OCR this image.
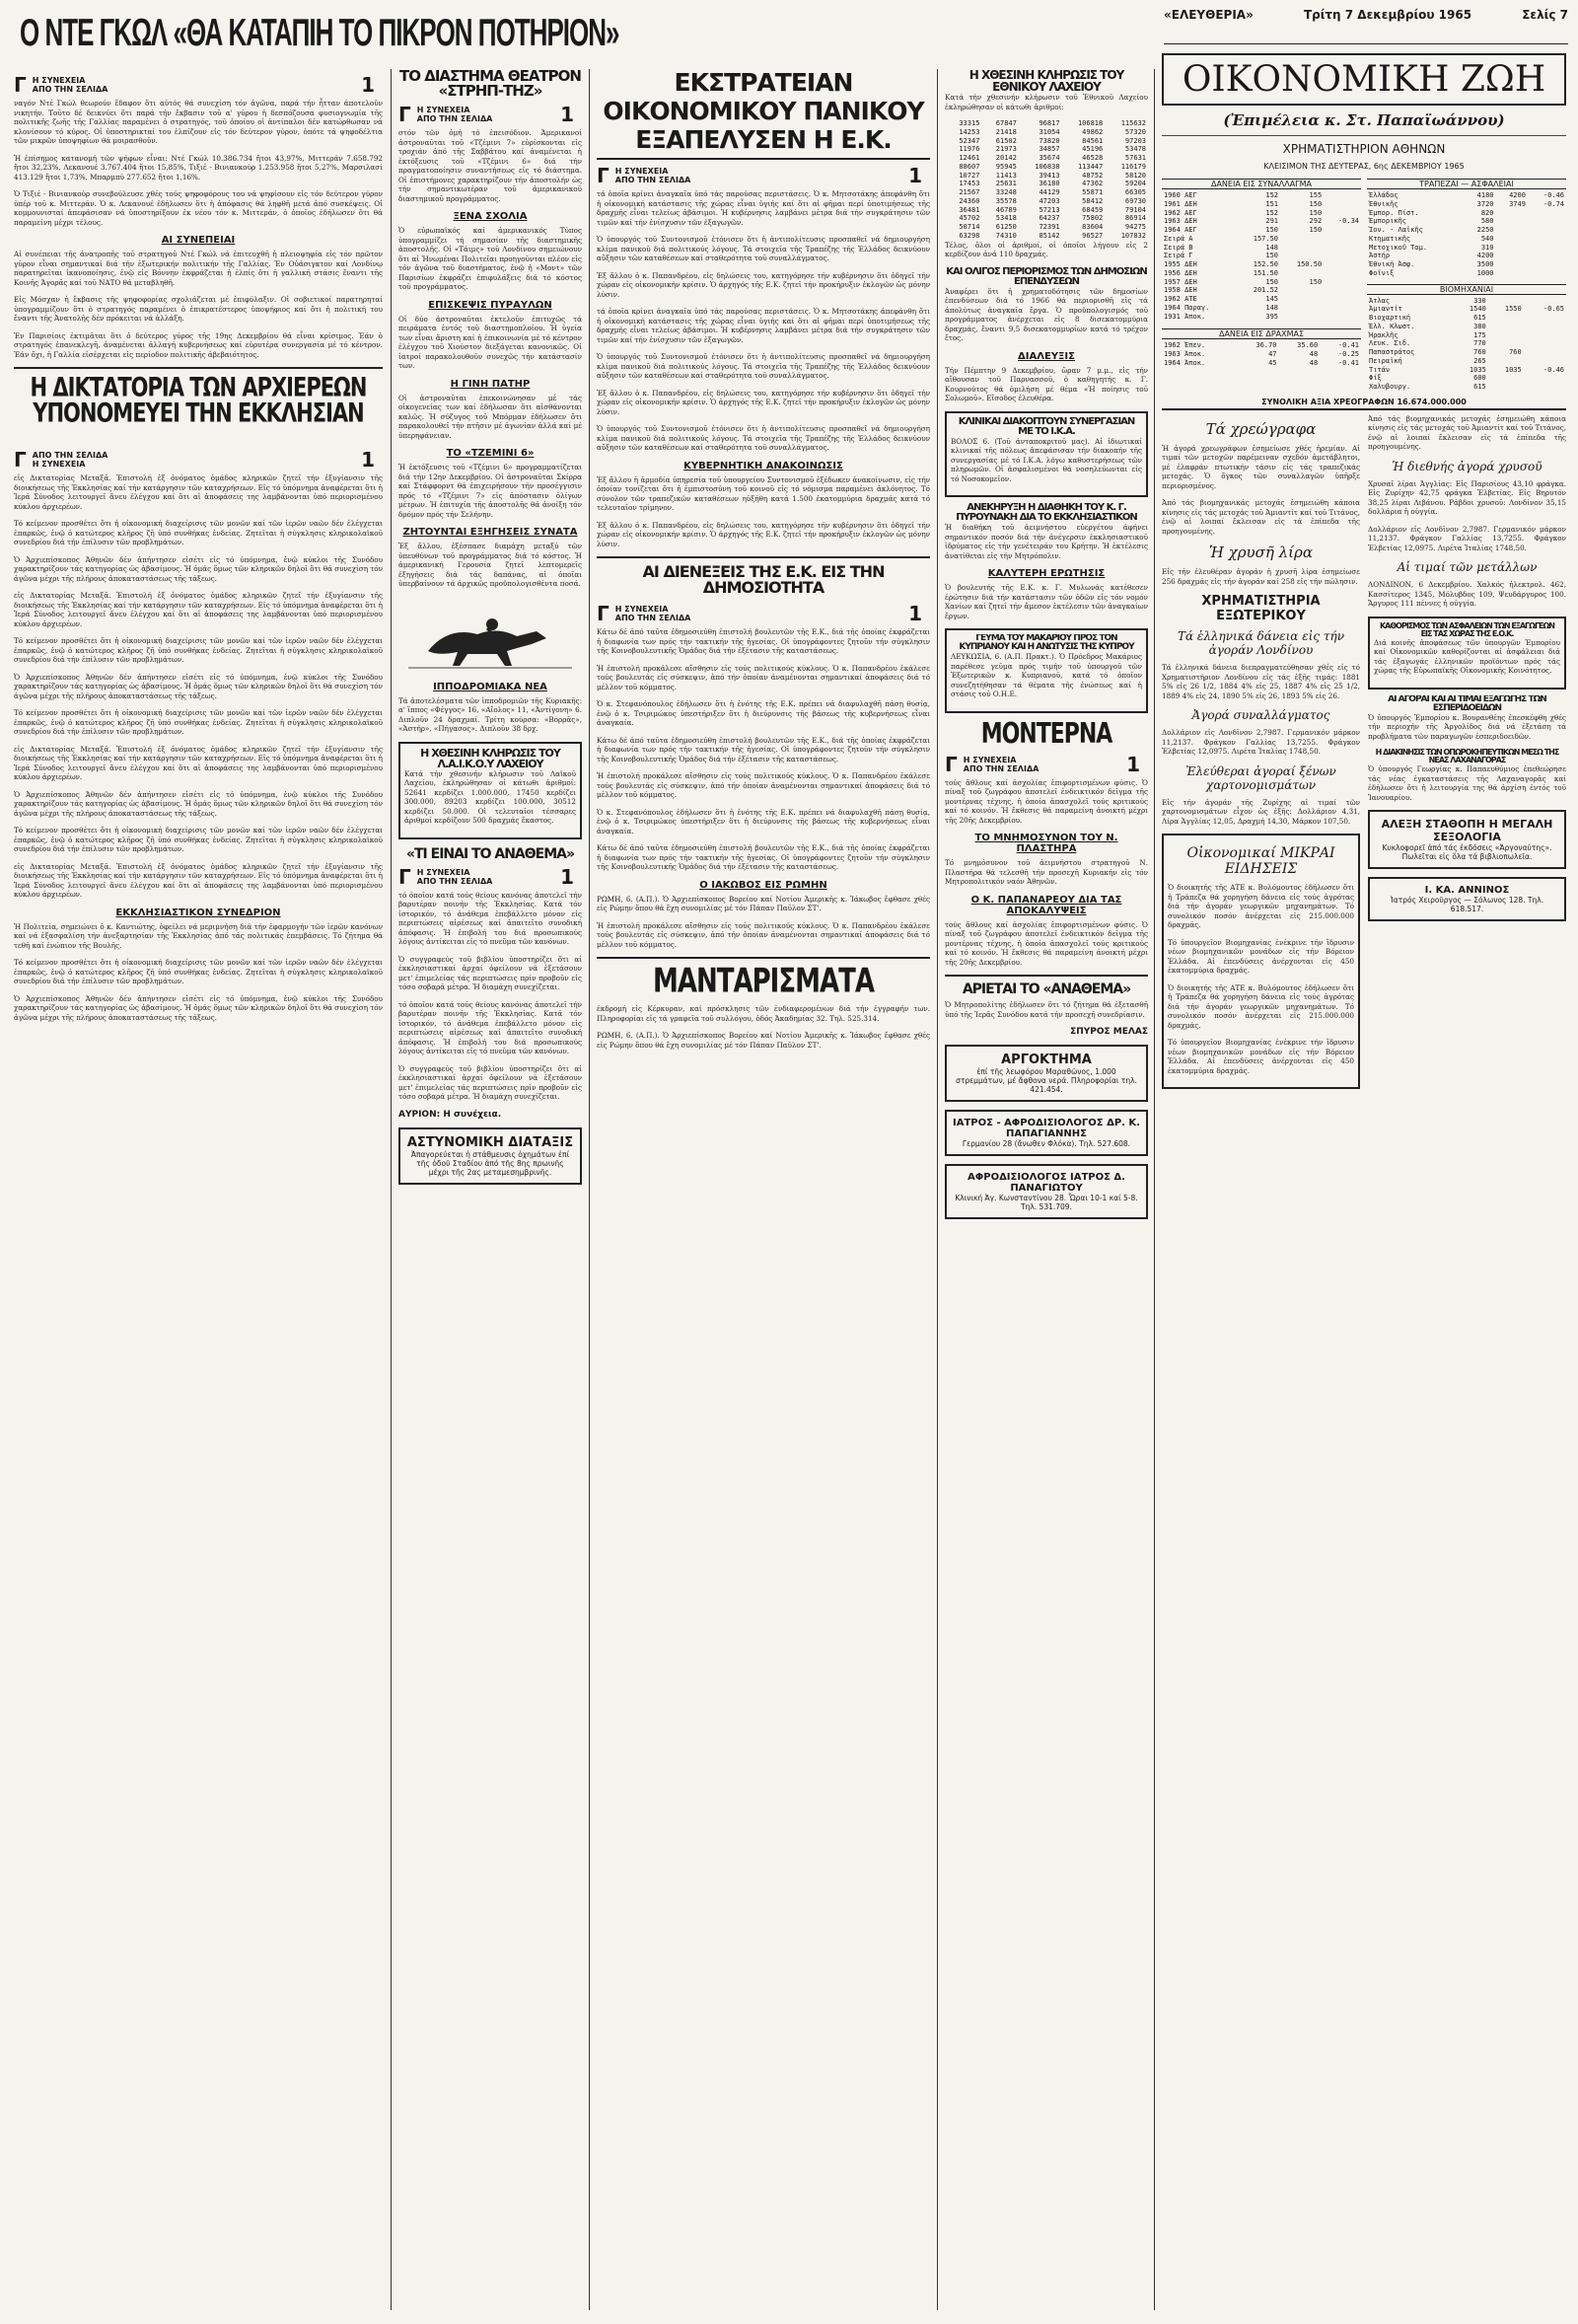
Ο ΝΤΕ ΓΚΩΛ «ΘΑ ΚΑΤΑΠΙΗ ΤΟ ΠΙΚΡΟΝ ΠΟΤΗΡΙΟΝ»	«ΕΛΕΥΘΕΡΙΑ»	Τρίτη 7 Δεκεμβρίου 1965	Σελίς 7
Γ Η ΣΥΝΕΧΕΙΑ
ΑΠΟ ΤΗΝ ΣΕΛΙΔΑ	1

ναγόν Ντέ Γκώλ θεωρούν ἔδαφον ὅτι αὐτός θά συνεχίση τόν ἀγῶνα, παρά τήν ἧτταν ἀποτελοῦν νικητήν. Τοῦτο δέ δεικνύει ὅτι παρά τήν ἔκβασιν τοῦ α' γύρου ἡ δεσπόζουσα φυσιογνωμία τῆς πολιτικῆς ζωῆς τῆς Γαλλίας παραμένει ὁ στρατηγός, τοῦ ὁποίου οἱ ἀντίπαλοι δέν κατώρθωσαν νά κλονίσουν τό κύρος. Οἱ ὑποστηρικταί του ἐλπίζουν εἰς τόν δεύτερον γύρον, ὁπότε τά ψηφοδέλτια τῶν μικρῶν ὑποψηφίων θά μοιρασθοῦν.

Ἡ ἐπίσημος κατανομή τῶν ψήφων εἶναι: Ντέ Γκώλ 10.386.734 ἤτοι 43,97%, Μιττεράν 7.658.792 ἤτοι 32,23%, Λεκανουέ 3.767.404 ἤτοι 15,85%, Τιξιέ - Βινιανκούρ 1.253.958 ἤτοι 5,27%, Μαρσιλασί 413.129 ἤτοι 1,73%, Μπαρμπύ 277.652 ἤτοι 1,16%.

Ὁ Τιξιέ - Βινιανκούρ συνεβούλευσε χθές τούς ψηφοφόρους του νά ψηφίσουν εἰς τόν δεύτερον γύρον ὑπέρ τοῦ κ. Μιττεράν. Ὁ κ. Λεκανουέ ἐδήλωσεν ὅτι ἡ ἀπόφασις θά ληφθῆ μετά ἀπό συσκέψεις. Οἱ κομμουνισταί ἀπεφάσισαν νά ὑποστηρίξουν ἐκ νέου τόν κ. Μιττεράν, ὁ ὁποῖος ἐδήλωσεν ὅτι θά παραμείνη μέχρι τέλους.

ΑΙ ΣΥΝΕΠΕΙΑΙ

Αἱ συνέπειαι τῆς ἀνατροπῆς τοῦ στρατηγοῦ Ντέ Γκώλ νά ἐπιτευχθῆ ἡ πλειοψηφία εἰς τόν πρῶτον γύρον εἶναι σημαντικαί διά τήν ἐξωτερικήν πολιτικήν τῆς Γαλλίας. Ἐν Οὐάσιγκτον καί Λονδίνῳ παρατηρεῖται ἱκανοποίησις, ἐνῷ εἰς Βόννην ἐκφράζεται ἡ ἐλπίς ὅτι ἡ γαλλική στάσις ἔναντι τῆς Κοινῆς Ἀγορᾶς καί τοῦ ΝΑΤΟ θά μεταβληθῆ.

Εἰς Μόσχαν ἡ ἔκβασις τῆς ψηφοφορίας σχολιάζεται μέ ἐπιφύλαξιν. Οἱ σοβιετικοί παρατηρηταί ὑπογραμμίζουν ὅτι ὁ στρατηγός παραμένει ὁ ἐπικρατέστερος ὑποψήφιος καί ὅτι ἡ πολιτική του ἔναντι τῆς Ἀνατολῆς δέν πρόκειται νά ἀλλάξη.

Ἐν Παρισίοις ἐκτιμᾶται ὅτι ὁ δεύτερος γύρος τῆς 19ης Δεκεμβρίου θά εἶναι κρίσιμος. Ἐάν ὁ στρατηγός ἐπανεκλεγῆ, ἀναμένεται ἀλλαγή κυβερνήσεως καί εὐρυτέρα συνεργασία μέ τό κέντρον. Ἐάν ὄχι, ἡ Γαλλία εἰσέρχεται εἰς περίοδον πολιτικῆς ἀβεβαιότητος.

Η ΔΙΚΤΑΤΟΡΙΑ ΤΩΝ ΑΡΧΙΕΡΕΩΝ ΥΠΟΝΟΜΕΥΕΙ ΤΗΝ ΕΚΚΛΗΣΙΑΝ
Γ ΑΠΟ ΤΗΝ ΣΕΛΙΔΑ
Η ΣΥΝΕΧΕΙΑ	1

εἰς Δικτατορίας Μεταξᾶ. Ἐπιστολή ἐξ ὀνόματος ὁμάδος κληρικῶν ζητεῖ τήν ἐξυγίανσιν τῆς διοικήσεως τῆς Ἐκκλησίας καί τήν κατάργησιν τῶν καταχρήσεων. Εἰς τό ὑπόμνημα ἀναφέρεται ὅτι ἡ Ἱερά Σύνοδος λειτουργεῖ ἄνευ ἐλέγχου καί ὅτι αἱ ἀποφάσεις της λαμβάνονται ὑπό περιορισμένου κύκλου ἀρχιερέων.

Τό κείμενον προσθέτει ὅτι ἡ οἰκονομική διαχείρισις τῶν μονῶν καί τῶν ἱερῶν ναῶν δέν ἐλέγχεται ἐπαρκῶς, ἐνῷ ὁ κατώτερος κλῆρος ζῆ ὑπό συνθήκας ἐνδείας. Ζητεῖται ἡ σύγκλησις κληρικολαϊκοῦ συνεδρίου διά τήν ἐπίλυσιν τῶν προβλημάτων.

Ὁ Ἀρχιεπίσκοπος Ἀθηνῶν δέν ἀπήντησεν εἰσέτι εἰς τό ὑπόμνημα, ἐνῷ κύκλοι τῆς Συνόδου χαρακτηρίζουν τάς κατηγορίας ὡς ἀβασίμους. Ἡ ὁμάς ὅμως τῶν κληρικῶν δηλοῖ ὅτι θά συνεχίση τόν ἀγῶνα μέχρι τῆς πλήρους ἀποκαταστάσεως τῆς τάξεως.

εἰς Δικτατορίας Μεταξᾶ. Ἐπιστολή ἐξ ὀνόματος ὁμάδος κληρικῶν ζητεῖ τήν ἐξυγίανσιν τῆς διοικήσεως τῆς Ἐκκλησίας καί τήν κατάργησιν τῶν καταχρήσεων. Εἰς τό ὑπόμνημα ἀναφέρεται ὅτι ἡ Ἱερά Σύνοδος λειτουργεῖ ἄνευ ἐλέγχου καί ὅτι αἱ ἀποφάσεις της λαμβάνονται ὑπό περιορισμένου κύκλου ἀρχιερέων.

Τό κείμενον προσθέτει ὅτι ἡ οἰκονομική διαχείρισις τῶν μονῶν καί τῶν ἱερῶν ναῶν δέν ἐλέγχεται ἐπαρκῶς, ἐνῷ ὁ κατώτερος κλῆρος ζῆ ὑπό συνθήκας ἐνδείας. Ζητεῖται ἡ σύγκλησις κληρικολαϊκοῦ συνεδρίου διά τήν ἐπίλυσιν τῶν προβλημάτων.

Ὁ Ἀρχιεπίσκοπος Ἀθηνῶν δέν ἀπήντησεν εἰσέτι εἰς τό ὑπόμνημα, ἐνῷ κύκλοι τῆς Συνόδου χαρακτηρίζουν τάς κατηγορίας ὡς ἀβασίμους. Ἡ ὁμάς ὅμως τῶν κληρικῶν δηλοῖ ὅτι θά συνεχίση τόν ἀγῶνα μέχρι τῆς πλήρους ἀποκαταστάσεως τῆς τάξεως.

Τό κείμενον προσθέτει ὅτι ἡ οἰκονομική διαχείρισις τῶν μονῶν καί τῶν ἱερῶν ναῶν δέν ἐλέγχεται ἐπαρκῶς, ἐνῷ ὁ κατώτερος κλῆρος ζῆ ὑπό συνθήκας ἐνδείας. Ζητεῖται ἡ σύγκλησις κληρικολαϊκοῦ συνεδρίου διά τήν ἐπίλυσιν τῶν προβλημάτων.

εἰς Δικτατορίας Μεταξᾶ. Ἐπιστολή ἐξ ὀνόματος ὁμάδος κληρικῶν ζητεῖ τήν ἐξυγίανσιν τῆς διοικήσεως τῆς Ἐκκλησίας καί τήν κατάργησιν τῶν καταχρήσεων. Εἰς τό ὑπόμνημα ἀναφέρεται ὅτι ἡ Ἱερά Σύνοδος λειτουργεῖ ἄνευ ἐλέγχου καί ὅτι αἱ ἀποφάσεις της λαμβάνονται ὑπό περιορισμένου κύκλου ἀρχιερέων.

Ὁ Ἀρχιεπίσκοπος Ἀθηνῶν δέν ἀπήντησεν εἰσέτι εἰς τό ὑπόμνημα, ἐνῷ κύκλοι τῆς Συνόδου χαρακτηρίζουν τάς κατηγορίας ὡς ἀβασίμους. Ἡ ὁμάς ὅμως τῶν κληρικῶν δηλοῖ ὅτι θά συνεχίση τόν ἀγῶνα μέχρι τῆς πλήρους ἀποκαταστάσεως τῆς τάξεως.

Τό κείμενον προσθέτει ὅτι ἡ οἰκονομική διαχείρισις τῶν μονῶν καί τῶν ἱερῶν ναῶν δέν ἐλέγχεται ἐπαρκῶς, ἐνῷ ὁ κατώτερος κλῆρος ζῆ ὑπό συνθήκας ἐνδείας. Ζητεῖται ἡ σύγκλησις κληρικολαϊκοῦ συνεδρίου διά τήν ἐπίλυσιν τῶν προβλημάτων.

εἰς Δικτατορίας Μεταξᾶ. Ἐπιστολή ἐξ ὀνόματος ὁμάδος κληρικῶν ζητεῖ τήν ἐξυγίανσιν τῆς διοικήσεως τῆς Ἐκκλησίας καί τήν κατάργησιν τῶν καταχρήσεων. Εἰς τό ὑπόμνημα ἀναφέρεται ὅτι ἡ Ἱερά Σύνοδος λειτουργεῖ ἄνευ ἐλέγχου καί ὅτι αἱ ἀποφάσεις της λαμβάνονται ὑπό περιορισμένου κύκλου ἀρχιερέων.

ΕΚΚΛΗΣΙΑΣΤΙΚΟΝ ΣΥΝΕΔΡΙΟΝ

Ἡ Πολιτεία, σημειώνει ὁ κ. Καντιώτης, ὀφείλει νά μεριμνήση διά τήν ἐφαρμογήν τῶν ἱερῶν κανόνων καί νά ἐξασφαλίση τήν ἀνεξαρτησίαν τῆς Ἐκκλησίας ἀπό τάς πολιτικάς ἐπεμβάσεις. Τό ζήτημα θά τεθῆ καί ἐνώπιον τῆς Βουλῆς.

Τό κείμενον προσθέτει ὅτι ἡ οἰκονομική διαχείρισις τῶν μονῶν καί τῶν ἱερῶν ναῶν δέν ἐλέγχεται ἐπαρκῶς, ἐνῷ ὁ κατώτερος κλῆρος ζῆ ὑπό συνθήκας ἐνδείας. Ζητεῖται ἡ σύγκλησις κληρικολαϊκοῦ συνεδρίου διά τήν ἐπίλυσιν τῶν προβλημάτων.

Ὁ Ἀρχιεπίσκοπος Ἀθηνῶν δέν ἀπήντησεν εἰσέτι εἰς τό ὑπόμνημα, ἐνῷ κύκλοι τῆς Συνόδου χαρακτηρίζουν τάς κατηγορίας ὡς ἀβασίμους. Ἡ ὁμάς ὅμως τῶν κληρικῶν δηλοῖ ὅτι θά συνεχίση τόν ἀγῶνα μέχρι τῆς πλήρους ἀποκαταστάσεως τῆς τάξεως.

ΤΟ ΔΙΑΣΤΗΜΑ ΘΕΑΤΡΟΝ «ΣΤΡΗΠ-ΤΗΖ»
Γ Η ΣΥΝΕΧΕΙΑ
ΑΠΟ ΤΗΝ ΣΕΛΙΔΑ	1

στόν τῶν ὁμή τό ἐπεισόδιον. Ἀμερικανοί ἀστροναῦται τοῦ «Τζέμινι 7» εὑρίσκονται εἰς τροχιάν ἀπό τῆς Σαββάτου καί ἀναμένεται ἡ ἐκτόξευσις τοῦ «Τζέμινι 6» διά τήν πραγματοποίησιν συναντήσεως εἰς τό διάστημα. Οἱ ἐπιστήμονες χαρακτηρίζουν τήν ἀποστολήν ὡς τήν σημαντικωτέραν τοῦ ἀμερικανικοῦ διαστημικοῦ προγράμματος.

ΞΕΝΑ ΣΧΟΛΙΑ

Ὁ εὐρωπαϊκός καί ἀμερικανικός Τύπος ὑπογραμμίζει τή σημασίαν τῆς διαστημικῆς ἀποστολῆς. Οἱ «Τάιμς» τοῦ Λονδίνου σημειώνουν ὅτι αἱ Ἡνωμέναι Πολιτεῖαι προηγοῦνται πλέον εἰς τόν ἀγῶνα τοῦ διαστήματος, ἐνῷ ἡ «Μοντ» τῶν Παρισίων ἐκφράζει ἐπιφυλάξεις διά τό κόστος τοῦ προγράμματος.

ΕΠΙΣΚΕΨΙΣ ΠΥΡΑΥΛΩΝ

Οἱ δύο ἀστροναῦται ἐκτελοῦν ἐπιτυχῶς τά πειράματα ἐντός τοῦ διαστημοπλοίου. Ἡ ὑγεία των εἶναι ἄριστη καί ἡ ἐπικοινωνία μέ τό κέντρον ἐλέγχου τοῦ Χιούστον διεξάγεται κανονικῶς. Οἱ ἰατροί παρακολουθοῦν συνεχῶς τήν κατάστασίν των.

Η ΓΙΝΗ ΠΑΤΗΡ

Οἱ ἀστροναῦται ἐπεκοινώνησαν μέ τάς οἰκογενείας των καί ἐδήλωσαν ὅτι αἰσθάνονται καλῶς. Ἡ σύζυγος τοῦ Μπόρμαν ἐδήλωσεν ὅτι παρακολουθεῖ τήν πτῆσιν μέ ἀγωνίαν ἀλλά καί μέ ὑπερηφάνειαν.

ΤΟ «ΤΖΕΜΙΝΙ 6»

Ἡ ἐκτόξευσις τοῦ «Τζέμινι 6» προγραμματίζεται διά τήν 12ην Δεκεμβρίου. Οἱ ἀστροναῦται Σκίρρα καί Στάφφορντ θά ἐπιχειρήσουν τήν προσέγγισιν πρός τό «Τζέμινι 7» εἰς ἀπόστασιν ὀλίγων μέτρων. Ἡ ἐπιτυχία τῆς ἀποστολῆς θά ἀνοίξη τόν δρόμον πρός τήν Σελήνην.

ΖΗΤΟΥΝΤΑΙ ΕΞΗΓΗΣΕΙΣ ΣΥΝΑΤΑ

Ἐξ ἄλλου, ἐξέσπασε διαμάχη μεταξύ τῶν ὑπευθύνων τοῦ προγράμματος διά τό κόστος. Ἡ ἀμερικανική Γερουσία ζητεῖ λεπτομερεῖς ἐξηγήσεις διά τάς δαπάνας, αἱ ὁποῖαι ὑπερβαίνουν τά ἀρχικῶς προϋπολογισθέντα ποσά.

ΙΠΠΟΔΡΟΜΙΑΚΑ ΝΕΑ

Τά ἀποτελέσματα τῶν ἱπποδρομιῶν τῆς Κυριακῆς: α' ἵππος «Φέγγος» 16, «Αἴολος» 11, «Ἀντίγονη» 6. Διπλοῦν 24 δραχμαί. Τρίτη κούρσα: «Βορρᾶς», «Ἀστήρ», «Πήγασος». Διπλοῦν 38 δρχ.

Η ΧΘΕΣΙΝΗ ΚΛΗΡΩΣΙΣ ΤΟΥ Λ.Α.Ι.Κ.Ο.Υ ΛΑΧΕΙΟΥ

Κατά τήν χθεσινήν κλήρωσιν τοῦ Λαϊκοῦ Λαχείου, ἐκληρώθησαν οἱ κάτωθι ἀριθμοί: 52641 κερδίζει 1.000.000, 17450 κερδίζει 300.000, 89203 κερδίζει 100.000, 30512 κερδίζει 50.000. Οἱ τελευταῖοι τέσσαρες ἀριθμοί κερδίζουν 500 δραχμάς ἕκαστος.

«ΤΙ ΕΙΝΑΙ ΤΟ ΑΝΑΘΕΜΑ»
Γ Η ΣΥΝΕΧΕΙΑ
ΑΠΟ ΤΗΝ ΣΕΛΙΔΑ	1

τό ὁποῖον κατά τούς θείους κανόνας ἀποτελεῖ τήν βαρυτέραν ποινήν τῆς Ἐκκλησίας. Κατά τόν ἱστορικόν, τό ἀνάθεμα ἐπεβάλλετο μόνον εἰς περιπτώσεις αἱρέσεως καί ἀπαιτεῖτο συνοδική ἀπόφασις. Ἡ ἐπιβολή του διά προσωπικούς λόγους ἀντίκειται εἰς τό πνεῦμα τῶν κανόνων.

Ὁ συγγραφεύς τοῦ βιβλίου ὑποστηρίζει ὅτι αἱ ἐκκλησιαστικαί ἀρχαί ὀφείλουν νά ἐξετάσουν μετ' ἐπιμελείας τάς περιπτώσεις πρίν προβοῦν εἰς τόσο σοβαρά μέτρα. Ἡ διαμάχη συνεχίζεται.

τό ὁποῖον κατά τούς θείους κανόνας ἀποτελεῖ τήν βαρυτέραν ποινήν τῆς Ἐκκλησίας. Κατά τόν ἱστορικόν, τό ἀνάθεμα ἐπεβάλλετο μόνον εἰς περιπτώσεις αἱρέσεως καί ἀπαιτεῖτο συνοδική ἀπόφασις. Ἡ ἐπιβολή του διά προσωπικούς λόγους ἀντίκειται εἰς τό πνεῦμα τῶν κανόνων.

Ὁ συγγραφεύς τοῦ βιβλίου ὑποστηρίζει ὅτι αἱ ἐκκλησιαστικαί ἀρχαί ὀφείλουν νά ἐξετάσουν μετ' ἐπιμελείας τάς περιπτώσεις πρίν προβοῦν εἰς τόσο σοβαρά μέτρα. Ἡ διαμάχη συνεχίζεται.

ΑΥΡΙΟΝ: Η συνέχεια.
ΑΣΤΥΝΟΜΙΚΗ ΔΙΑΤΑΞΙΣ
Ἀπαγορεύεται ἡ στάθμευσις ὀχημάτων ἐπί τῆς ὁδοῦ Σταδίου ἀπό τῆς 8ης πρωινῆς μέχρι τῆς 2ας μεταμεσημβρινῆς.
ΕΚΣΤΡΑΤΕΙΑΝ ΟΙΚΟΝΟΜΙΚΟΥ ΠΑΝΙΚΟΥ ΕΞΑΠΕΛΥΣΕΝ Η Ε.Κ.
Γ Η ΣΥΝΕΧΕΙΑ
ΑΠΟ ΤΗΝ ΣΕΛΙΔΑ	1

τά ὁποῖα κρίνει ἀναγκαῖα ὑπό τάς παρούσας περιστάσεις. Ὁ κ. Μητσοτάκης ἀπεφάνθη ὅτι ἡ οἰκονομική κατάστασις τῆς χώρας εἶναι ὑγιής καί ὅτι αἱ φῆμαι περί ὑποτιμήσεως τῆς δραχμῆς εἶναι τελείως ἀβάσιμοι. Ἡ κυβέρνησις λαμβάνει μέτρα διά τήν συγκράτησιν τῶν τιμῶν καί τήν ἐνίσχυσιν τῶν ἐξαγωγῶν.

Ὁ ὑπουργός τοῦ Συντονισμοῦ ἐτόνισεν ὅτι ἡ ἀντιπολίτευσις προσπαθεῖ νά δημιουργήση κλίμα πανικοῦ διά πολιτικούς λόγους. Τά στοιχεῖα τῆς Τραπέζης τῆς Ἑλλάδος δεικνύουν αὔξησιν τῶν καταθέσεων καί σταθερότητα τοῦ συναλλάγματος.

Ἐξ ἄλλου ὁ κ. Παπανδρέου, εἰς δηλώσεις του, κατηγόρησε τήν κυβέρνησιν ὅτι ὁδηγεῖ τήν χώραν εἰς οἰκονομικήν κρίσιν. Ὁ ἀρχηγός τῆς Ε.Κ. ζητεῖ τήν προκήρυξιν ἐκλογῶν ὡς μόνην λύσιν.

τά ὁποῖα κρίνει ἀναγκαῖα ὑπό τάς παρούσας περιστάσεις. Ὁ κ. Μητσοτάκης ἀπεφάνθη ὅτι ἡ οἰκονομική κατάστασις τῆς χώρας εἶναι ὑγιής καί ὅτι αἱ φῆμαι περί ὑποτιμήσεως τῆς δραχμῆς εἶναι τελείως ἀβάσιμοι. Ἡ κυβέρνησις λαμβάνει μέτρα διά τήν συγκράτησιν τῶν τιμῶν καί τήν ἐνίσχυσιν τῶν ἐξαγωγῶν.

Ὁ ὑπουργός τοῦ Συντονισμοῦ ἐτόνισεν ὅτι ἡ ἀντιπολίτευσις προσπαθεῖ νά δημιουργήση κλίμα πανικοῦ διά πολιτικούς λόγους. Τά στοιχεῖα τῆς Τραπέζης τῆς Ἑλλάδος δεικνύουν αὔξησιν τῶν καταθέσεων καί σταθερότητα τοῦ συναλλάγματος.

Ἐξ ἄλλου ὁ κ. Παπανδρέου, εἰς δηλώσεις του, κατηγόρησε τήν κυβέρνησιν ὅτι ὁδηγεῖ τήν χώραν εἰς οἰκονομικήν κρίσιν. Ὁ ἀρχηγός τῆς Ε.Κ. ζητεῖ τήν προκήρυξιν ἐκλογῶν ὡς μόνην λύσιν.

Ὁ ὑπουργός τοῦ Συντονισμοῦ ἐτόνισεν ὅτι ἡ ἀντιπολίτευσις προσπαθεῖ νά δημιουργήση κλίμα πανικοῦ διά πολιτικούς λόγους. Τά στοιχεῖα τῆς Τραπέζης τῆς Ἑλλάδος δεικνύουν αὔξησιν τῶν καταθέσεων καί σταθερότητα τοῦ συναλλάγματος.

ΚΥΒΕΡΝΗΤΙΚΗ ΑΝΑΚΟΙΝΩΣΙΣ

Ἐξ ἄλλου ἡ ἀρμοδία ὑπηρεσία τοῦ ὑπουργείου Συντονισμοῦ ἐξέδωκεν ἀνακοίνωσιν, εἰς τήν ὁποίαν τονίζεται ὅτι ἡ ἐμπιστοσύνη τοῦ κοινοῦ εἰς τό νόμισμα παραμένει ἀκλόνητος. Τό σύνολον τῶν τραπεζικῶν καταθέσεων ηὐξήθη κατά 1.500 ἑκατομμύρια δραχμάς κατά τό τελευταῖον τρίμηνον.

Ἐξ ἄλλου ὁ κ. Παπανδρέου, εἰς δηλώσεις του, κατηγόρησε τήν κυβέρνησιν ὅτι ὁδηγεῖ τήν χώραν εἰς οἰκονομικήν κρίσιν. Ὁ ἀρχηγός τῆς Ε.Κ. ζητεῖ τήν προκήρυξιν ἐκλογῶν ὡς μόνην λύσιν.

ΑΙ ΔΙΕΝΕΞΕΙΣ ΤΗΣ Ε.Κ. ΕΙΣ ΤΗΝ ΔΗΜΟΣΙΟΤΗΤΑ
Γ Η ΣΥΝΕΧΕΙΑ
ΑΠΟ ΤΗΝ ΣΕΛΙΔΑ	1

Κάτω δέ ἀπό ταῦτα ἐδημοσιεύθη ἐπιστολή βουλευτῶν τῆς Ε.Κ., διά τῆς ὁποίας ἐκφράζεται ἡ διαφωνία των πρός τήν τακτικήν τῆς ἡγεσίας. Οἱ ὑπογράφοντες ζητοῦν τήν σύγκλησιν τῆς Κοινοβουλευτικῆς Ὁμάδος διά τήν ἐξέτασιν τῆς καταστάσεως.

Ἡ ἐπιστολή προκάλεσε αἴσθησιν εἰς τούς πολιτικούς κύκλους. Ὁ κ. Παπανδρέου ἐκάλεσε τούς βουλευτάς εἰς σύσκεψιν, ἀπό τήν ὁποίαν ἀναμένονται σημαντικαί ἀποφάσεις διά τό μέλλον τοῦ κόμματος.

Ὁ κ. Στεφανόπουλος ἐδήλωσεν ὅτι ἡ ἑνότης τῆς Ε.Κ. πρέπει νά διαφυλαχθῆ πάσῃ θυσίᾳ, ἐνῷ ὁ κ. Τσιριμώκος ὑπεστήριξεν ὅτι ἡ διεύρυνσις τῆς βάσεως τῆς κυβερνήσεως εἶναι ἀναγκαία.

Κάτω δέ ἀπό ταῦτα ἐδημοσιεύθη ἐπιστολή βουλευτῶν τῆς Ε.Κ., διά τῆς ὁποίας ἐκφράζεται ἡ διαφωνία των πρός τήν τακτικήν τῆς ἡγεσίας. Οἱ ὑπογράφοντες ζητοῦν τήν σύγκλησιν τῆς Κοινοβουλευτικῆς Ὁμάδος διά τήν ἐξέτασιν τῆς καταστάσεως.

Ἡ ἐπιστολή προκάλεσε αἴσθησιν εἰς τούς πολιτικούς κύκλους. Ὁ κ. Παπανδρέου ἐκάλεσε τούς βουλευτάς εἰς σύσκεψιν, ἀπό τήν ὁποίαν ἀναμένονται σημαντικαί ἀποφάσεις διά τό μέλλον τοῦ κόμματος.

Ὁ κ. Στεφανόπουλος ἐδήλωσεν ὅτι ἡ ἑνότης τῆς Ε.Κ. πρέπει νά διαφυλαχθῆ πάσῃ θυσίᾳ, ἐνῷ ὁ κ. Τσιριμώκος ὑπεστήριξεν ὅτι ἡ διεύρυνσις τῆς βάσεως τῆς κυβερνήσεως εἶναι ἀναγκαία.

Κάτω δέ ἀπό ταῦτα ἐδημοσιεύθη ἐπιστολή βουλευτῶν τῆς Ε.Κ., διά τῆς ὁποίας ἐκφράζεται ἡ διαφωνία των πρός τήν τακτικήν τῆς ἡγεσίας. Οἱ ὑπογράφοντες ζητοῦν τήν σύγκλησιν τῆς Κοινοβουλευτικῆς Ὁμάδος διά τήν ἐξέτασιν τῆς καταστάσεως.

Ο ΙΑΚΩΒΟΣ ΕΙΣ ΡΩΜΗΝ

ΡΩΜΗ, 6. (Α.Π.). Ὁ Ἀρχιεπίσκοπος Βορείου καί Νοτίου Ἀμερικῆς κ. Ἰάκωβος ἔφθασε χθές εἰς Ρώμην ὅπου θά ἔχη συνομιλίας μέ τόν Πάπαν Παῦλον ΣΤ'.

Ἡ ἐπιστολή προκάλεσε αἴσθησιν εἰς τούς πολιτικούς κύκλους. Ὁ κ. Παπανδρέου ἐκάλεσε τούς βουλευτάς εἰς σύσκεψιν, ἀπό τήν ὁποίαν ἀναμένονται σημαντικαί ἀποφάσεις διά τό μέλλον τοῦ κόμματος.

ΜΑΝΤΑΡΙΣΜΑΤΑ

ἐκδρομή εἰς Κέρκυραν, καί πρόσκλησις τῶν ἐνδιαφερομένων διά τήν ἐγγραφήν των. Πληροφορίαι εἰς τά γραφεῖα τοῦ συλλόγου, ὁδός Ἀκαδημίας 32. Τηλ. 525.314.

ΡΩΜΗ, 6. (Α.Π.). Ὁ Ἀρχιεπίσκοπος Βορείου καί Νοτίου Ἀμερικῆς κ. Ἰάκωβος ἔφθασε χθές εἰς Ρώμην ὅπου θά ἔχη συνομιλίας μέ τόν Πάπαν Παῦλον ΣΤ'.

Η ΧΘΕΣΙΝΗ ΚΛΗΡΩΣΙΣ ΤΟΥ ΕΘΝΙΚΟΥ ΛΑΧΕΙΟΥ

Κατά τήν χθεσινήν κλήρωσιν τοῦ Ἐθνικοῦ Λαχείου ἐκληρώθησαν οἱ κάτωθι ἀριθμοί:

33315	67847	96817	106818	115632
14253	21418	31054	49862	57320
52347	61502	73820	84561	97203
11976	21973	34857	45196	53478
12461	20142	35674	46528	57631
88607	95945	106838	113447	116179
10727	11413	39413	48752	58120
17453	25631	36180	47362	59204
21567	33248	44129	55871	66305
24360	35578	47203	58412	69730
36481	46789	57213	68459	79104
45702	53418	64237	75802	86914
50714	61250	72391	83604	94275
63298	74310	85142	96527	107832

Τέλος, ὅλοι οἱ ἀριθμοί, οἱ ὁποῖοι λήγουν εἰς 2 κερδίζουν ἀνά 110 δραχμάς.

ΚΑΙ ΟΛΙΓΟΣ ΠΕΡΙΟΡΙΣΜΟΣ ΤΩΝ ΔΗΜΟΣΙΩΝ ΕΠΕΝΔΥΣΕΩΝ

Ἀναφέρει ὅτι ἡ χρηματοδότησις τῶν δημοσίων ἐπενδύσεων διά τό 1966 θά περιορισθῆ εἰς τά ἀπολύτως ἀναγκαῖα ἔργα. Ὁ προϋπολογισμός τοῦ προγράμματος ἀνέρχεται εἰς 8 δισεκατομμύρια δραχμάς, ἔναντι 9,5 δισεκατομμυρίων κατά τό τρέχον ἔτος.

ΔΙΑΛΕΥΞΙΣ

Τήν Πέμπτην 9 Δεκεμβρίου, ὥραν 7 μ.μ., εἰς τήν αἴθουσαν τοῦ Παρνασσοῦ, ὁ καθηγητής κ. Γ. Κουρνούτος θά ὁμιλήση μέ θέμα «Ἡ ποίησις τοῦ Σολωμοῦ». Εἴσοδος ἐλευθέρα.

ΚΛΙΝΙΚΑΙ ΔΙΑΚΟΠΤΟΥΝ ΣΥΝΕΡΓΑΣΙΑΝ ΜΕ ΤΟ Ι.Κ.Α.

ΒΟΛΟΣ 6. (Τοῦ ἀνταποκριτοῦ μας). Αἱ ἰδιωτικαί κλινικαί τῆς πόλεως ἀπεφάσισαν τήν διακοπήν τῆς συνεργασίας μέ τό Ι.Κ.Α. λόγω καθυστερήσεως τῶν πληρωμῶν. Οἱ ἀσφαλισμένοι θά νοσηλεύωνται εἰς τό Νοσοκομεῖον.

ΑΝΕΚΗΡΥΞΗ Η ΔΙΑΘΗΚΗ ΤΟΥ Κ. Γ. ΠΥΡΟΥΝΑΚΗ ΔΙΑ ΤΟ ΕΚΚΛΗΣΙΑΣΤΙΚΟΝ

Ἡ διαθήκη τοῦ ἀειμνήστου εὐεργέτου ἀφήνει σημαντικόν ποσόν διά τήν ἀνέγερσιν ἐκκλησιαστικοῦ ἱδρύματος εἰς τήν γενέτειράν του Κρήτην. Ἡ ἐκτέλεσις ἀνατίθεται εἰς τήν Μητρόπολιν.

ΚΑΛΥΤΕΡΗ ΕΡΩΤΗΣΙΣ

Ὁ βουλευτής τῆς Ε.Κ. κ. Γ. Μυλωνάς κατέθεσεν ἐρώτησιν διά τήν κατάστασιν τῶν ὁδῶν εἰς τόν νομόν Χανίων καί ζητεῖ τήν ἄμεσον ἐκτέλεσιν τῶν ἀναγκαίων ἔργων.

ΓΕΥΜΑ ΤΟΥ ΜΑΚΑΡΙΟΥ ΠΡΟΣ ΤΟΝ ΚΥΠΡΙΑΝΟΥ ΚΑΙ Η ΑΝΩΤΥΣΙΣ ΤΗΣ ΚΥΠΡΟΥ

ΛΕΥΚΩΣΙΑ, 6. (Α.Π. Πρακτ.). Ὁ Πρόεδρος Μακάριος παρέθεσε γεῦμα πρός τιμήν τοῦ ὑπουργοῦ τῶν Ἐξωτερικῶν κ. Κυπριανοῦ, κατά τό ὁποῖον συνεζητήθησαν τά θέματα τῆς ἐνώσεως καί ἡ στάσις τοῦ Ο.Η.Ε.

ΜΟΝΤΕΡΝΑ
Γ Η ΣΥΝΕΧΕΙΑ
ΑΠΟ ΤΗΝ ΣΕΛΙΔΑ	1

τούς ἄθλους καί ἀσχολίας ἐπιφορτισμένων φύσις. Ὁ πίναξ τοῦ ζωγράφου ἀποτελεῖ ἐνδεικτικόν δεῖγμα τῆς μοντέρνας τέχνης, ἡ ὁποία ἀπασχολεῖ τούς κριτικούς καί τό κοινόν. Ἡ ἔκθεσις θά παραμείνη ἀνοικτή μέχρι τῆς 20ῆς Δεκεμβρίου.

ΤΟ ΜΝΗΜΟΣΥΝΟΝ ΤΟΥ Ν. ΠΛΑΣΤΗΡΑ

Τό μνημόσυνον τοῦ ἀειμνήστου στρατηγοῦ Ν. Πλαστήρα θά τελεσθῆ τήν προσεχῆ Κυριακήν εἰς τόν Μητροπολιτικόν ναόν Ἀθηνῶν.

Ο Κ. ΠΑΠΑΝΑΡΕΟΥ ΔΙΑ ΤΑΣ ΑΠΟΚΑΛΥΨΕΙΣ

τούς ἄθλους καί ἀσχολίας ἐπιφορτισμένων φύσις. Ὁ πίναξ τοῦ ζωγράφου ἀποτελεῖ ἐνδεικτικόν δεῖγμα τῆς μοντέρνας τέχνης, ἡ ὁποία ἀπασχολεῖ τούς κριτικούς καί τό κοινόν. Ἡ ἔκθεσις θά παραμείνη ἀνοικτή μέχρι τῆς 20ῆς Δεκεμβρίου.

ΑΡΙΕΤΑΙ ΤΟ «ΑΝΑΘΕΜΑ»

Ὁ Μητροπολίτης ἐδήλωσεν ὅτι τό ζήτημα θά ἐξετασθῆ ὑπό τῆς Ἱερᾶς Συνόδου κατά τήν προσεχῆ συνεδρίασιν.

ΣΠΥΡΟΣ ΜΕΛΑΣ
ΑΡΓΟΚΤΗΜΑ
ἐπί τῆς λεωφόρου Μαραθῶνος, 1.000 στρεμμάτων, μέ ἄφθονα νερά. Πληροφορίαι τηλ. 421.454.
ΙΑΤΡΟΣ - ΑΦΡΟΔΙΣΙΟΛΟΓΟΣ ΔΡ. Κ. ΠΑΠΑΓΙΑΝΝΗΣ
Γερμανίου 28 (ἄνωθεν Φλόκα). Τηλ. 527.608.
ΑΦΡΟΔΙΣΙΟΛΟΓΟΣ ΙΑΤΡΟΣ Δ. ΠΑΝΑΓΙΩΤΟΥ
Κλινική Ἀγ. Κωνσταντίνου 28. Ὧραι 10-1 καί 5-8. Τηλ. 531.709.
ΟΙΚΟΝΟΜΙΚΗ ΖΩΗ
(Ἐπιμέλεια κ. Στ. Παπαϊωάννου)
ΧΡΗΜΑΤΙΣΤΗΡΙΟΝ ΑΘΗΝΩΝ
ΚΛΕΙΣΙΜΟΝ ΤΗΣ ΔΕΥΤΕΡΑΣ, 6ης ΔΕΚΕΜΒΡΙΟΥ 1965
ΔΑΝΕΙΑ ΕΙΣ ΣΥΝΑΛΛΑΓΜΑ
1960 ΑΕΓ	152	155	
1961 ΔΕΗ	151	150	
1962 ΑΕΓ	152	150	
1963 ΔΕΗ	291	292	-0.34
1964 ΑΕΓ	150	150	
Σειρά Α	157.50		
Σειρά Β	148		
Σειρά Γ	150		
1955 ΔΕΗ	152.50	150.50	
1956 ΔΕΗ	151.50		
1957 ΔΕΗ	150	150	
1958 ΔΕΗ	201.52		
1962 ΑΤΕ	145		
1964 Παραγ.	148		
1931 Ἀποκ.	395		
ΔΑΝΕΙΑ ΕΙΣ ΔΡΑΧΜΑΣ
1962 Ἐπεν.	36.70	35.60	-0.41
1963 Ἀποκ.	47	48	-0.25
1964 Ἀποκ.	45	48	-0.41
ΤΡΑΠΕΖΑΙ — ΑΣΦΑΛΕΙΑΙ
Ἑλλάδος	4180	4200	-0.46
Ἐθνικῆς	3720	3749	-0.74
Ἐμπορ. Πίστ.	820		
Ἐμπορικῆς	580		
Ἰον. - Λαϊκῆς	2250		
Κτηματικῆς	540		
Μετοχικοῦ Ταμ.	310		
Ἀστήρ	4200		
Ἐθνική Ἀσφ.	3500		
Φοῖνιξ	1000		
ΒΙΟΜΗΧΑΝΙΑΙ
Ἀτλας	330		
Ἀμιαντίτ	1540	1550	-0.65
Βιοχαρτική	615		
Ἑλλ. Κλωστ.	380		
Ἡρακλῆς	175		
Λευκ. Σιδ.	770		
Παπαστράτος	760	760	
Πειραϊκή	265		
Τιτάν	1035	1035	-0.46
Φίξ	600		
Χαλυβουργ.	615		
ΣΥΝΟΛΙΚΗ ΑΞΙΑ ΧΡΕΟΓΡΑΦΩΝ 16.674.000.000
Τά χρεώγραφα

Ἡ ἀγορά χρεωγράφων ἐσημείωσε χθές ἠρεμίαν. Αἱ τιμαί τῶν μετοχῶν παρέμειναν σχεδόν ἀμετάβλητοι, μέ ἐλαφράν πτωτικήν τάσιν εἰς τάς τραπεζικάς μετοχάς. Ὁ ὄγκος τῶν συναλλαγῶν ὑπῆρξε περιορισμένος.

Ἀπό τάς βιομηχανικάς μετοχάς ἐσημειώθη κάποια κίνησις εἰς τάς μετοχάς τοῦ Ἀμιαντίτ καί τοῦ Τιτάνος, ἐνῷ αἱ λοιπαί ἔκλεισαν εἰς τά ἐπίπεδα τῆς προηγουμένης.

Ἡ χρυσῆ λίρα

Εἰς τήν ἐλευθέραν ἀγοράν ἡ χρυσῆ λίρα ἐσημείωσε 256 δραχμάς εἰς τήν ἀγοράν καί 258 εἰς τήν πώλησιν.

ΧΡΗΜΑΤΙΣΤΗΡΙΑ ΕΞΩΤΕΡΙΚΟΥ
Τά ἑλληνικά δάνεια εἰς τήν ἀγοράν Λονδίνου

Τά ἑλληνικά δάνεια διεπραγματεύθησαν χθές εἰς τό Χρηματιστήριον Λονδίνου εἰς τάς ἑξῆς τιμάς: 1881 5% εἰς 26 1/2, 1884 4% εἰς 25, 1887 4% εἰς 25 1/2, 1889 4% εἰς 24, 1890 5% εἰς 26, 1893 5% εἰς 26.

Ἀγορά συναλλάγματος

Δολλάριον εἰς Λονδῖνον 2,7987. Γερμανικόν μάρκον 11,2137. Φράγκον Γαλλίας 13,7255. Φράγκον Ἑλβετίας 12,0975. Λιρέτα Ἰταλίας 1748,50.

Ἐλεύθεραι ἀγοραί ξένων χαρτονομισμάτων

Εἰς τήν ἀγοράν τῆς Ζυρίχης αἱ τιμαί τῶν χαρτονομισμάτων εἶχον ὡς ἑξῆς: Δολλάριον 4,31, Λίρα Ἀγγλίας 12,05, Δραχμή 14,30, Μάρκον 107,50.

Οἰκονομικαί ΜΙΚΡΑΙ ΕΙΔΗΣΕΙΣ

Ὁ διοικητής τῆς ΑΤΕ κ. Βυλόμουτος ἐδήλωσεν ὅτι ἡ Τράπεζα θά χορηγήση δάνεια εἰς τούς ἀγρότας διά τήν ἀγοράν γεωργικῶν μηχανημάτων. Τό συνολικόν ποσόν ἀνέρχεται εἰς 215.000.000 δραχμάς.

Τό ὑπουργεῖον Βιομηχανίας ἐνέκρινε τήν ἵδρυσιν νέων βιομηχανικῶν μονάδων εἰς τήν Βόρειον Ἑλλάδα. Αἱ ἐπενδύσεις ἀνέρχονται εἰς 450 ἑκατομμύρια δραχμάς.

Ὁ διοικητής τῆς ΑΤΕ κ. Βυλόμουτος ἐδήλωσεν ὅτι ἡ Τράπεζα θά χορηγήση δάνεια εἰς τούς ἀγρότας διά τήν ἀγοράν γεωργικῶν μηχανημάτων. Τό συνολικόν ποσόν ἀνέρχεται εἰς 215.000.000 δραχμάς.

Τό ὑπουργεῖον Βιομηχανίας ἐνέκρινε τήν ἵδρυσιν νέων βιομηχανικῶν μονάδων εἰς τήν Βόρειον Ἑλλάδα. Αἱ ἐπενδύσεις ἀνέρχονται εἰς 450 ἑκατομμύρια δραχμάς.

Ἀπό τάς βιομηχανικάς μετοχάς ἐσημειώθη κάποια κίνησις εἰς τάς μετοχάς τοῦ Ἀμιαντίτ καί τοῦ Τιτάνος, ἐνῷ αἱ λοιπαί ἔκλεισαν εἰς τά ἐπίπεδα τῆς προηγουμένης.

Ἡ διεθνής ἀγορά χρυσοῦ

Χρυσαῖ λίραι Ἀγγλίας: Εἰς Παρισίους 43,10 φράγκα. Εἰς Ζυρίχην 42,75 φράγκα Ἑλβετίας. Εἰς Βηρυτόν 38,25 λίραι Λιβάνου. Ράβδοι χρυσοῦ: Λονδίνον 35,15 δολλάρια ἡ οὐγγία.

Δολλάριον εἰς Λονδῖνον 2,7987. Γερμανικόν μάρκον 11,2137. Φράγκον Γαλλίας 13,7255. Φράγκον Ἑλβετίας 12,0975. Λιρέτα Ἰταλίας 1748,50.

Αἱ τιμαί τῶν μετάλλων

ΛΟΝΔΙΝΟΝ, 6 Δεκεμβρίου. Χαλκός ἠλεκτρολ. 462, Κασσίτερος 1345, Μόλυβδος 109, Ψευδάργυρος 100. Ἄργυρος 111 πέννες ἡ οὐγγία.

ΚΑΘΟΡΙΣΜΟΣ ΤΩΝ ΑΣΦΑΛΕΙΩΝ ΤΩΝ ΕΞΑΓΩΓΕΩΝ ΕΙΣ ΤΑΣ ΧΩΡΑΣ ΤΗΣ Ε.Ο.Κ.

Διά κοινῆς ἀποφάσεως τῶν ὑπουργῶν Ἐμπορίου καί Οἰκονομικῶν καθορίζονται αἱ ἀσφάλειαι διά τάς ἐξαγωγάς ἑλληνικῶν προϊόντων πρός τάς χώρας τῆς Εὐρωπαϊκῆς Οἰκονομικῆς Κοινότητος.

ΑΙ ΑΓΟΡΑΙ ΚΑΙ ΑΙ ΤΙΜΑΙ ΕΞΑΓΩΓΗΣ ΤΩΝ ΕΣΠΕΡΙΔΟΕΙΔΩΝ

Ὁ ὑπουργός Ἐμπορίου κ. Βουρανθέης ἐπεσκέφθη χθές τήν περιοχήν τῆς Ἀργολίδος διά νά ἐξετάση τά προβλήματα τῶν παραγωγῶν ἐσπεριδοειδῶν.

Η ΔΙΑΚΙΝΗΣΙΣ ΤΩΝ ΟΠΩΡΟΚΗΠΕΥΤΙΚΩΝ ΜΕΣΩ ΤΗΣ ΝΕΑΣ ΛΑΧΑΝΑΓΟΡΑΣ

Ὁ ὑπουργός Γεωργίας κ. Παπαευθύμιος ἐπεθεώρησε τάς νέας ἐγκαταστάσεις τῆς Λαχαναγορᾶς καί ἐδήλωσεν ὅτι ἡ λειτουργία της θά ἀρχίση ἐντός τοῦ Ἰανουαρίου.

ΑΛΕΞΗ ΣΤΑΘΟΠΗ Η ΜΕΓΑΛΗ ΣΕΞΟΛΟΓΙΑ
Κυκλοφορεῖ ἀπό τάς ἐκδόσεις «Ἀργοναύτης». Πωλεῖται εἰς ὅλα τά βιβλιοπωλεῖα.
Ι. ΚΑ. ΑΝΝΙΝΟΣ
Ἰατρός Χειροῦργος — Σόλωνος 128. Τηλ. 618.517.
